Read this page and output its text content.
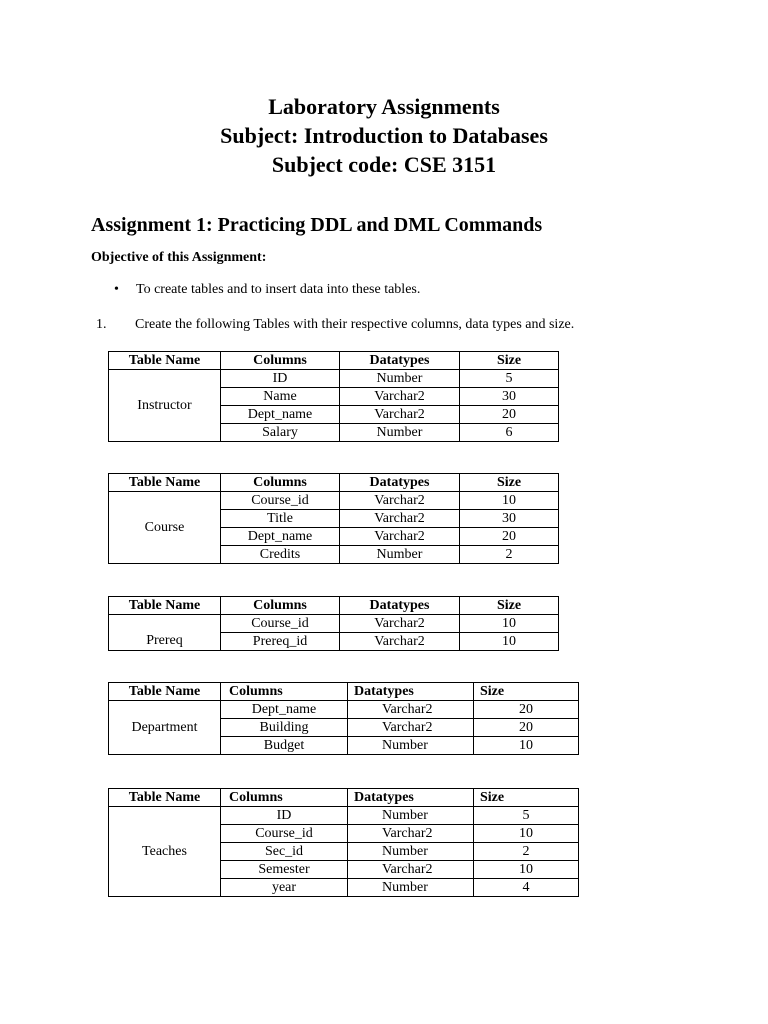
Laboratory Assignments
Subject: Introduction to Databases
Subject code: CSE 3151
Assignment 1: Practicing DDL and DML Commands
Objective of this Assignment:
• To create tables and to insert data into these tables.
1. Create the following Tables with their respective columns, data types and size.
Table Name	Columns	Datatypes	Size
Instructor	ID	Number	5
	Name	Varchar2	30
	Dept_name	Varchar2	20
	Salary	Number	6
Table Name	Columns	Datatypes	Size
Course	Course_id	Varchar2	10
	Title	Varchar2	30
	Dept_name	Varchar2	20
	Credits	Number	2
Table Name	Columns	Datatypes	Size
Prereq	Course_id	Varchar2	10
	Prereq_id	Varchar2	10
Table Name	Columns	Datatypes	Size
Department	Dept_name	Varchar2	20
	Building	Varchar2	20
	Budget	Number	10
Table Name	Columns	Datatypes	Size
Teaches	ID	Number	5
	Course_id	Varchar2	10
	Sec_id	Number	2
	Semester	Varchar2	10
	year	Number	4
